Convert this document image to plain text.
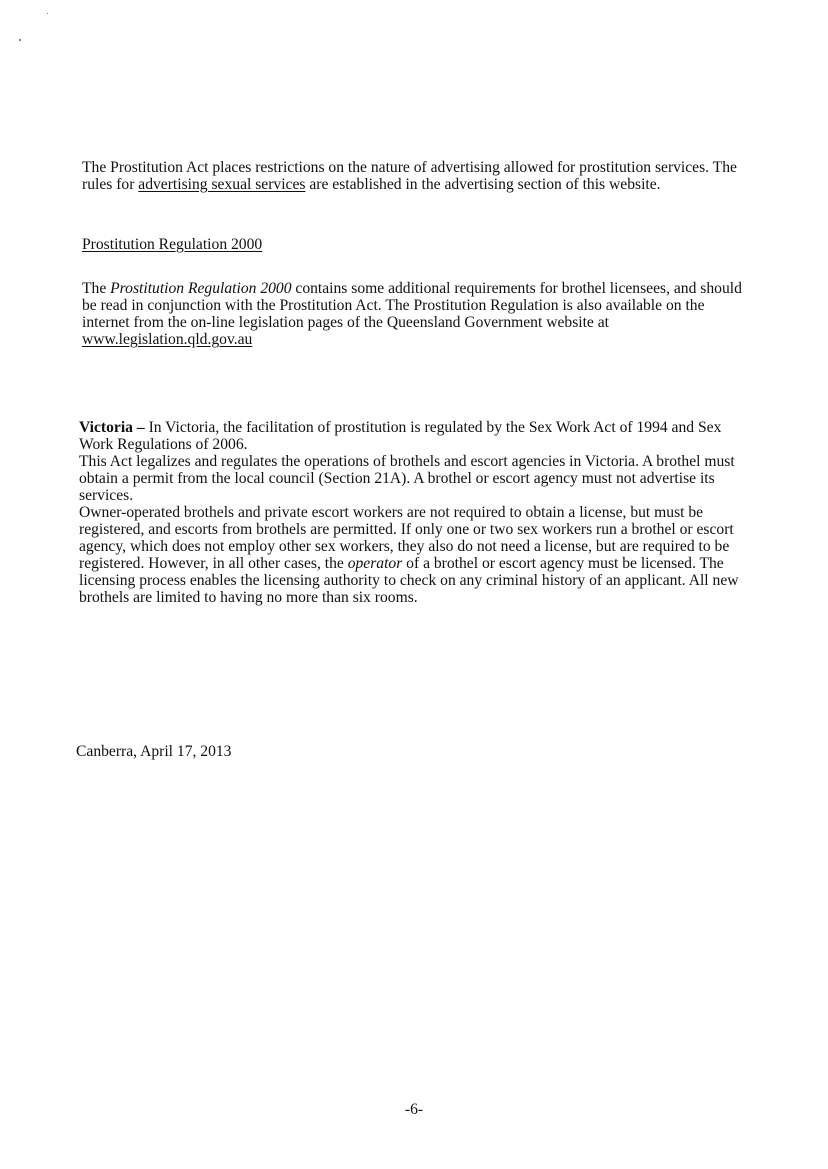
The Prostitution Act places restrictions on the nature of advertising allowed for prostitution services. The rules for advertising sexual services are established in the advertising section of this website.

Prostitution Regulation 2000

The Prostitution Regulation 2000 contains some additional requirements for brothel licensees, and should be read in conjunction with the Prostitution Act. The Prostitution Regulation is also available on the internet from the on-line legislation pages of the Queensland Government website at www.legislation.qld.gov.au

Victoria – In Victoria, the facilitation of prostitution is regulated by the Sex Work Act of 1994 and Sex Work Regulations of 2006.

This Act legalizes and regulates the operations of brothels and escort agencies in Victoria. A brothel must obtain a permit from the local council (Section 21A). A brothel or escort agency must not advertise its services.

Owner-operated brothels and private escort workers are not required to obtain a license, but must be registered, and escorts from brothels are permitted. If only one or two sex workers run a brothel or escort agency, which does not employ other sex workers, they also do not need a license, but are required to be registered. However, in all other cases, the operator of a brothel or escort agency must be licensed. The licensing process enables the licensing authority to check on any criminal history of an applicant. All new brothels are limited to having no more than six rooms.

Canberra, April 17, 2013

-6-
